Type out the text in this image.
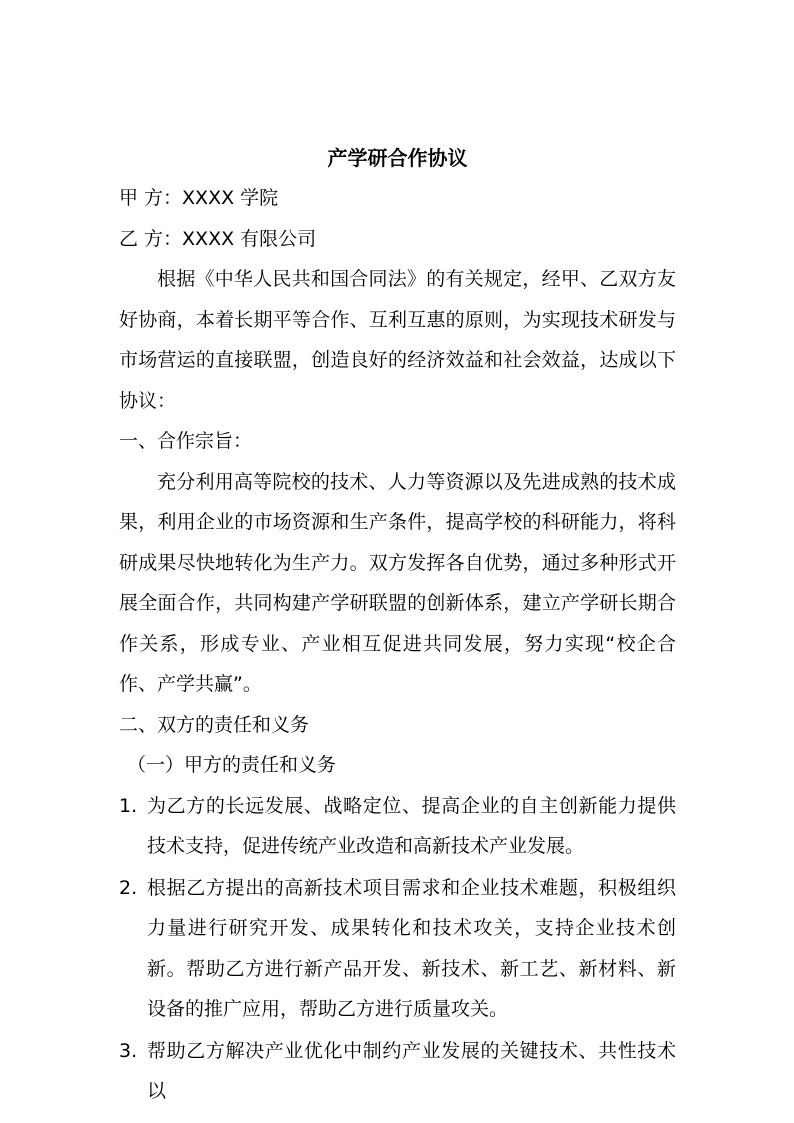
产学研合作协议

甲 方：XXXX 学院

乙 方：XXXX 有限公司

根据《中华人民共和国合同法》的有关规定，经甲、乙双方友好协商，本着长期平等合作、互利互惠的原则，为实现技术研发与市场营运的直接联盟，创造良好的经济效益和社会效益，达成以下协议：

一、合作宗旨：

充分利用高等院校的技术、人力等资源以及先进成熟的技术成果，利用企业的市场资源和生产条件，提高学校的科研能力，将科研成果尽快地转化为生产力。双方发挥各自优势，通过多种形式开展全面合作，共同构建产学研联盟的创新体系，建立产学研长期合作关系，形成专业、产业相互促进共同发展，努力实现“校企合作、产学共赢”。

二、双方的责任和义务

（一）甲方的责任和义务

1. 为乙方的长远发展、战略定位、提高企业的自主创新能力提供技术支持，促进传统产业改造和高新技术产业发展。
2. 根据乙方提出的高新技术项目需求和企业技术难题，积极组织力量进行研究开发、成果转化和技术攻关，支持企业技术创新。帮助乙方进行新产品开发、新技术、新工艺、新材料、新设备的推广应用，帮助乙方进行质量攻关。
3. 帮助乙方解决产业优化中制约产业发展的关键技术、共性技术以
